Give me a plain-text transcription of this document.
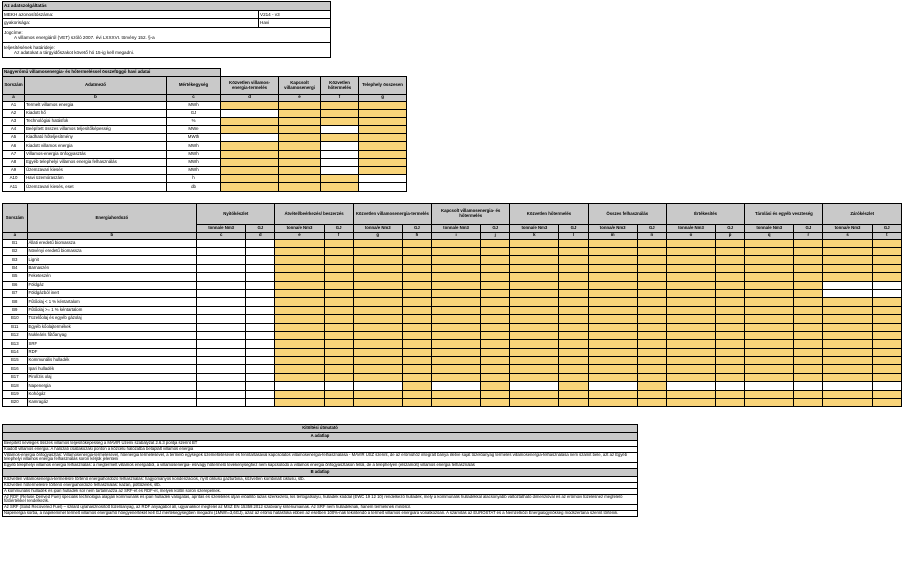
Az adatszolgáltatás	
MEKH azonosítószáma:	V214 - v3
gyakorisága:	Havi

Jogcíme:
A villamos energiáról (VET) szóló 2007. évi LXXXVI. törvény 152. §-a	

teljesítésének határideje:
Az adatokat a tárgyidőszakot követő hó 15-ig kell megadni.	
Nagyerőmű villamosenergia- és hőtermeléssel összefüggő havi adatai						
Sorszám	Adatmező	Mértékegység	Közvetlen villamos-energia-termelés	Kapcsolt villamosenergi	Közvetlen hőtermelés	Telephely összesen
a	b	c	d	e	f	g
A1	Termelt villamos energia	MWh				
A2	Kiadott hő	GJ				
A3	Technológiai hatásfok	%				
A4	Beépített összes villamos teljesítőképesség	MWe				
A5	Kiadható hőteljesítmény	MWth				
A6	Kiadott villamos energia	MWh				
A7	Villamos-energia önfogyasztás	MWh				
A8	Egyéb telephelyi villamos energia felhasználás	MWh				
A9	Üzemzavari kiesés	MWh				
A10	Havi üzemóraszám	h				
A11	Üzemzavari kiesés, eset	db				
Sorszám	Energiahordozó	Nyitókészlet		Átvétel/beérkezés/ beszerzés		Közvetlen villamosenergia-termelés		Kapcsolt villamosenergia- és hőtermelés		Közvetlen hőtermelés		Összes felhasználás		Értékesítés		Tárolási és egyéb veszteség		Zárókészlet	
		tonna/e Nm3	GJ	tonna/e Nm3	GJ	tonna/e Nm3	GJ	tonna/e Nm3	GJ	tonna/e Nm3	GJ	tonna/e Nm3	GJ	tonna/e Nm3	GJ	tonna/e Nm3	GJ	tonna/e Nm3	GJ
a	b	c	d	e	f	g	h	i	j	k	l	m	n	o	p	q	r	s	t
B1	Állati eredetű biomassza																		
B2	Növényi eredetű biomassza																		
B3	Lignit																		
B4	Barnaszén																		
B5	Feketeszén																		
B6	Földgáz																		
B7	Földgázból inert																		
B8	Fűtőolaj < 1 % kéntartalom																		
B9	Fűtőolaj >= 1 % kéntartalom																		
B10	Tüzelőolaj és egyéb gázolaj																		
B11	Egyéb kőolajtermékek																		
B12	Nukleáris fűtőanyag																		
B13	SRF																		
B14	RDF																		
B15	Kommunális hulladék																		
B16	Ipari hulladék																		
B17	Pirolízis olaj																		
B18	Napenergia																		
B19	Kohógáz																		
B20	Kamragáz																		
Kitöltési útmutató
A adatlap
Beépített névleges összes villamos teljesítőképesség a MAVIR Üzemi szabályzat 2.6.3 pontja szerint BT
Kiadott villamos energia: A hálózati csatlakozási ponton a közcélú hálózatba betáplált villamos energia
Villamos-energia önfogyasztás: Villamosenergia-termelésével, hőenergia termelésével, a termelő egységek üzemeltetésével és fenntartásával kapcsolatos villamosenergia-felhasználása - MAVIR ÜSZ szerint, de az erőműhöz integrált bánya illetve saját tüzelőanyag termelés villamosenergia-felhasználása nem számít bele, azt az Egyéb telephelyi villamos energia felhasználás soron kérjük jelenteni
Egyéb telephelyi villamos energia felhasználás: a megtermelt villamos energiából, a villamosenergia- és/vagy hőtermelő tevékenységhez nem kapcsolódó a villamos energia önfogyasztáson felüli, de a telephelyen (elszámolt) villamos energia felhasználás
B adatlap
Közvetlen villamosenergia-termelésre történő energiahordozó felhasználás: hagyományos kondenzációs, nyílt ciklusú gázturbina, közvetlen kombinált ciklusú, stb.
Közvetlen hőtermelésre történő energiahordozó felhasználás: kazán, póttüzelés, stb.
A kommunális hulladék és ipari hulladék sor nem tartalmazza az SRF-et és RDF-et, melyek külön soron szerepelnek.
Az RDF (Refuse Derived Fuel) speciális technológia alapján kommunális és ipari hulladék válogatás, aprítás és szeletelés útján előállító lazas szerkezetű, kis tértogatsúlyú, hulladék kóddal (EWC 19 12 10) rendelkező hulladék, mely a kommunális hulladékkal alacsonyabb változtatható dimenzióval és az erőművi tüzelésnez megfelelő fűtőértékkel rendelkezik.
Az SRF (Solid Recovered Fuel) – szilárd újrahasznosított tüzelőanyag, az RDF anyagából áll, ugyanakkor megfelel az MSZ EN 15359:2012 szabvány kritériumainak. Az SRF nem hulladéknak, hanem terméknek minősül.
Napenergia sorba, a napelemmel termelt villamos energia/hő hőegyenértékét kell GJ mértékegységben megadni (1MWh=3,6GJ), azaz az erőmű hatásfoka ebben az esetben 100%-nak tekintendő a termelt villamos energiára vonatkozóan. A számítás az EUROSTAT és a Nemzetközi Energiaügynökség módszertana szerint történik.
